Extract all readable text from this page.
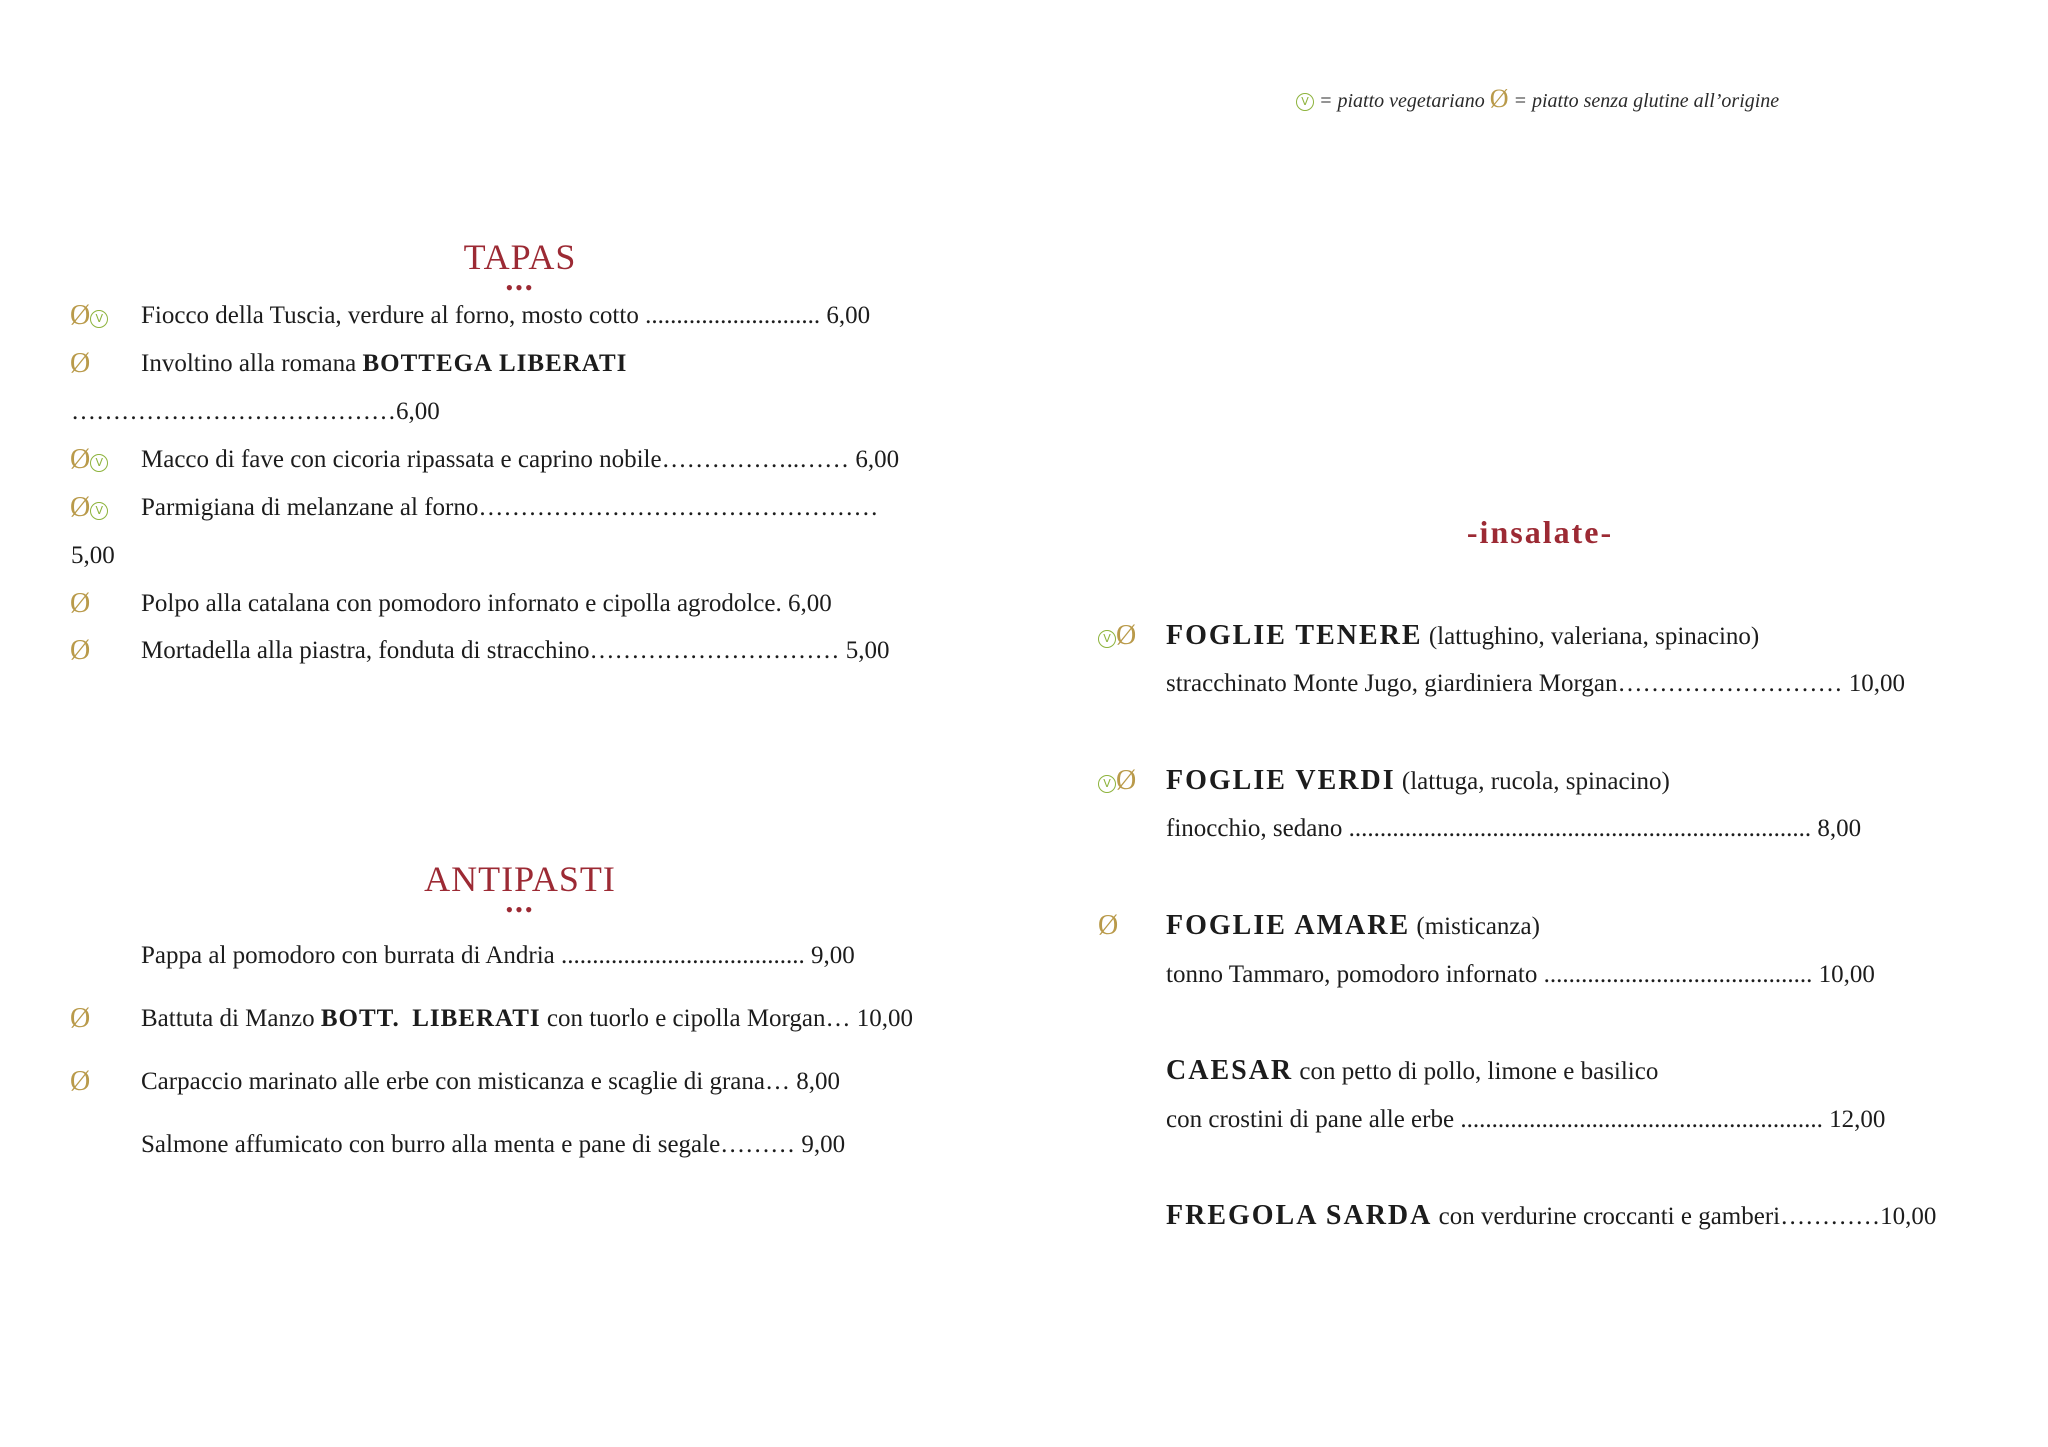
V = piatto vegetariano Ø = piatto senza glutine all’origine
TAPAS
•••
Ø V Fiocco della Tuscia, verdure al forno, mosto cotto ............................ 6,00
Ø Involtino alla romana BOTTEGA LIBERATI
…………………………………6,00
Ø V Macco di fave con cicoria ripassata e caprino nobile……………..…… 6,00
Ø V Parmigiana di melanzane al forno…………………………………………
5,00
Ø Polpo alla catalana con pomodoro infornato e cipolla agrodolce. 6,00
Ø Mortadella alla piastra, fonduta di stracchino………………………… 5,00
ANTIPASTI
•••
Pappa al pomodoro con burrata di Andria ....................................... 9,00
Ø Battuta di Manzo BOTT. LIBERATI con tuorlo e cipolla Morgan… 10,00
Ø Carpaccio marinato alle erbe con misticanza e scaglie di grana… 8,00
Salmone affumicato con burro alla menta e pane di segale……… 9,00
-insalate-
V Ø FOGLIE TENERE (lattughino, valeriana, spinacino)
stracchinato Monte Jugo, giardiniera Morgan……………………… 10,00
V Ø FOGLIE VERDI (lattuga, rucola, spinacino)
finocchio, sedano .......................................................................... 8,00
Ø FOGLIE AMARE (misticanza)
tonno Tammaro, pomodoro infornato ........................................... 10,00
CAESAR con petto di pollo, limone e basilico
con crostini di pane alle erbe .......................................................... 12,00
FREGOLA SARDA con verdurine croccanti e gamberi…………10,00
